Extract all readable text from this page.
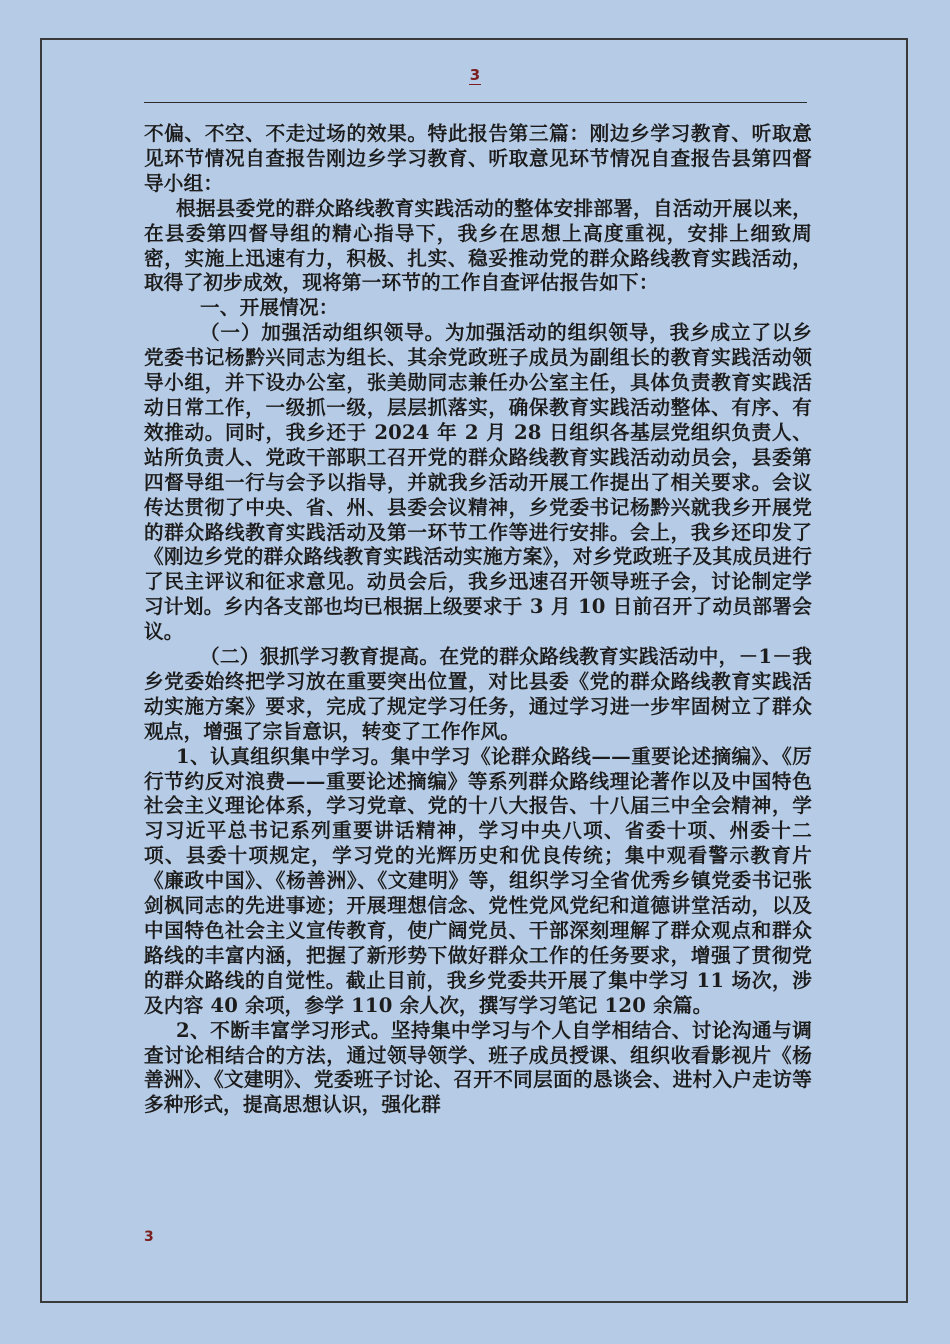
3

不偏、不空、不走过场的效果。特此报告第三篇：刚边乡学习教育、听取意见环节情况自查报告刚边乡学习教育、听取意见环节情况自查报告县第四督导小组：

根据县委党的群众路线教育实践活动的整体安排部署，自活动开展以来，在县委第四督导组的精心指导下，我乡在思想上高度重视，安排上细致周密，实施上迅速有力，积极、扎实、稳妥推动党的群众路线教育实践活动，取得了初步成效，现将第一环节的工作自查评估报告如下：

一、开展情况：

（一）加强活动组织领导。为加强活动的组织领导，我乡成立了以乡党委书记杨黔兴同志为组长、其余党政班子成员为副组长的教育实践活动领导小组，并下设办公室，张美勋同志兼任办公室主任，具体负责教育实践活动日常工作，一级抓一级，层层抓落实，确保教育实践活动整体、有序、有效推动。同时，我乡还于 2024 年 2 月 28 日组织各基层党组织负责人、站所负责人、党政干部职工召开党的群众路线教育实践活动动员会，县委第四督导组一行与会予以指导，并就我乡活动开展工作提出了相关要求。会议传达贯彻了中央、省、州、县委会议精神，乡党委书记杨黔兴就我乡开展党的群众路线教育实践活动及第一环节工作等进行安排。会上，我乡还印发了《刚边乡党的群众路线教育实践活动实施方案》，对乡党政班子及其成员进行了民主评议和征求意见。动员会后，我乡迅速召开领导班子会，讨论制定学习计划。乡内各支部也均已根据上级要求于 3 月 10 日前召开了动员部署会议。

（二）狠抓学习教育提高。在党的群众路线教育实践活动中，－1－我乡党委始终把学习放在重要突出位置，对比县委《党的群众路线教育实践活动实施方案》要求，完成了规定学习任务，通过学习进一步牢固树立了群众观点，增强了宗旨意识，转变了工作作风。

1、认真组织集中学习。集中学习《论群众路线——重要论述摘编》、《厉行节约反对浪费——重要论述摘编》等系列群众路线理论著作以及中国特色社会主义理论体系，学习党章、党的十八大报告、十八届三中全会精神，学习习近平总书记系列重要讲话精神，学习中央八项、省委十项、州委十二项、县委十项规定，学习党的光辉历史和优良传统；集中观看警示教育片《廉政中国》、《杨善洲》、《文建明》等，组织学习全省优秀乡镇党委书记张剑枫同志的先进事迹；开展理想信念、党性党风党纪和道德讲堂活动，以及中国特色社会主义宣传教育，使广阔党员、干部深刻理解了群众观点和群众路线的丰富内涵，把握了新形势下做好群众工作的任务要求，增强了贯彻党的群众路线的自觉性。截止目前，我乡党委共开展了集中学习 11 场次，涉及内容 40 余项，参学 110 余人次，撰写学习笔记 120 余篇。

2、不断丰富学习形式。坚持集中学习与个人自学相结合、讨论沟通与调查讨论相结合的方法，通过领导领学、班子成员授课、组织收看影视片《杨善洲》、《文建明》、党委班子讨论、召开不同层面的恳谈会、进村入户走访等多种形式，提高思想认识，强化群

3
